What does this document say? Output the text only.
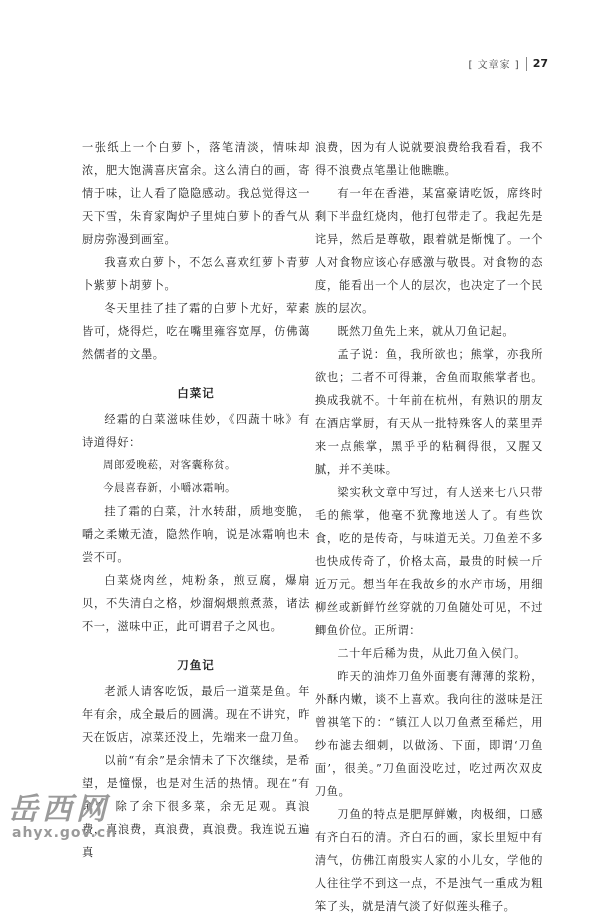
[ 文章家 ] 27

一张纸上一个白萝卜，落笔清淡，情味却浓，肥大饱满喜庆富余。这么清白的画，寄情于味，让人看了隐隐感动。我总觉得这一天下雪，朱育家陶炉子里炖白萝卜的香气从厨房弥漫到画室。

我喜欢白萝卜，不怎么喜欢红萝卜青萝卜紫萝卜胡萝卜。

冬天里挂了挂了霜的白萝卜尤好，荤素皆可，烧得烂，吃在嘴里雍容宽厚，仿佛蔼然儒者的文墨。

白菜记

经霜的白菜滋味佳妙，《四蔬十咏》有诗道得好：

周郎爱晚菘，对客囊称贫。

今晨喜春新，小嚼冰霜响。

挂了霜的白菜，汁水转甜，质地变脆，嚼之柔嫩无渣，隐然作响，说是冰霜响也未尝不可。

白菜烧肉丝，炖粉条，煎豆腐，爆扇贝，不失清白之格，炒溜焖煨煎煮蒸，诸法不一，滋味中正，此可谓君子之风也。

刀鱼记

老派人请客吃饭，最后一道菜是鱼。年年有余，成全最后的圆满。现在不讲究，昨天在饭店，凉菜还没上，先端来一盘刀鱼。

以前“有余”是余情未了下次继续，是希望，是憧憬，也是对生活的热情。现在“有余”，除了余下很多菜，余无足观。真浪费，真浪费，真浪费，真浪费。我连说五遍真

浪费，因为有人说就要浪费给我看看，我不得不浪费点笔墨让他瞧瞧。

有一年在香港，某富豪请吃饭，席终时剩下半盘红烧肉，他打包带走了。我起先是诧异，然后是尊敬，跟着就是惭愧了。一个人对食物应该心存感激与敬畏。对食物的态度，能看出一个人的层次，也决定了一个民族的层次。

既然刀鱼先上来，就从刀鱼记起。

孟子说：鱼，我所欲也；熊掌，亦我所欲也；二者不可得兼，舍鱼而取熊掌者也。换成我就不。十年前在杭州，有熟识的朋友在酒店掌厨，有天从一批特殊客人的菜里弄来一点熊掌，黑乎乎的粘稠得很，又腥又腻，并不美味。

梁实秋文章中写过，有人送来七八只带毛的熊掌，他毫不犹豫地送人了。有些饮食，吃的是传奇，与味道无关。刀鱼差不多也快成传奇了，价格太高，最贵的时候一斤近万元。想当年在我故乡的水产市场，用细柳丝或新鲜竹丝穿就的刀鱼随处可见，不过鲫鱼价位。正所谓：

二十年后稀为贵，从此刀鱼入侯门。

昨天的油炸刀鱼外面裹有薄薄的浆粉，外酥内嫩，谈不上喜欢。我向往的滋味是汪曾祺笔下的：“镇江人以刀鱼煮至稀烂，用纱布滤去细刺，以做汤、下面，即谓‘刀鱼面’，很美。”刀鱼面没吃过，吃过两次双皮刀鱼。

刀鱼的特点是肥厚鲜嫩，肉极细，口感有齐白石的清。齐白石的画，家长里短中有清气，仿佛江南殷实人家的小儿女，学他的人往往学不到这一点，不是浊气一重成为粗笨了头，就是清气淡了好似莲头稚子。

岳西网
ahyx.gov.cn
